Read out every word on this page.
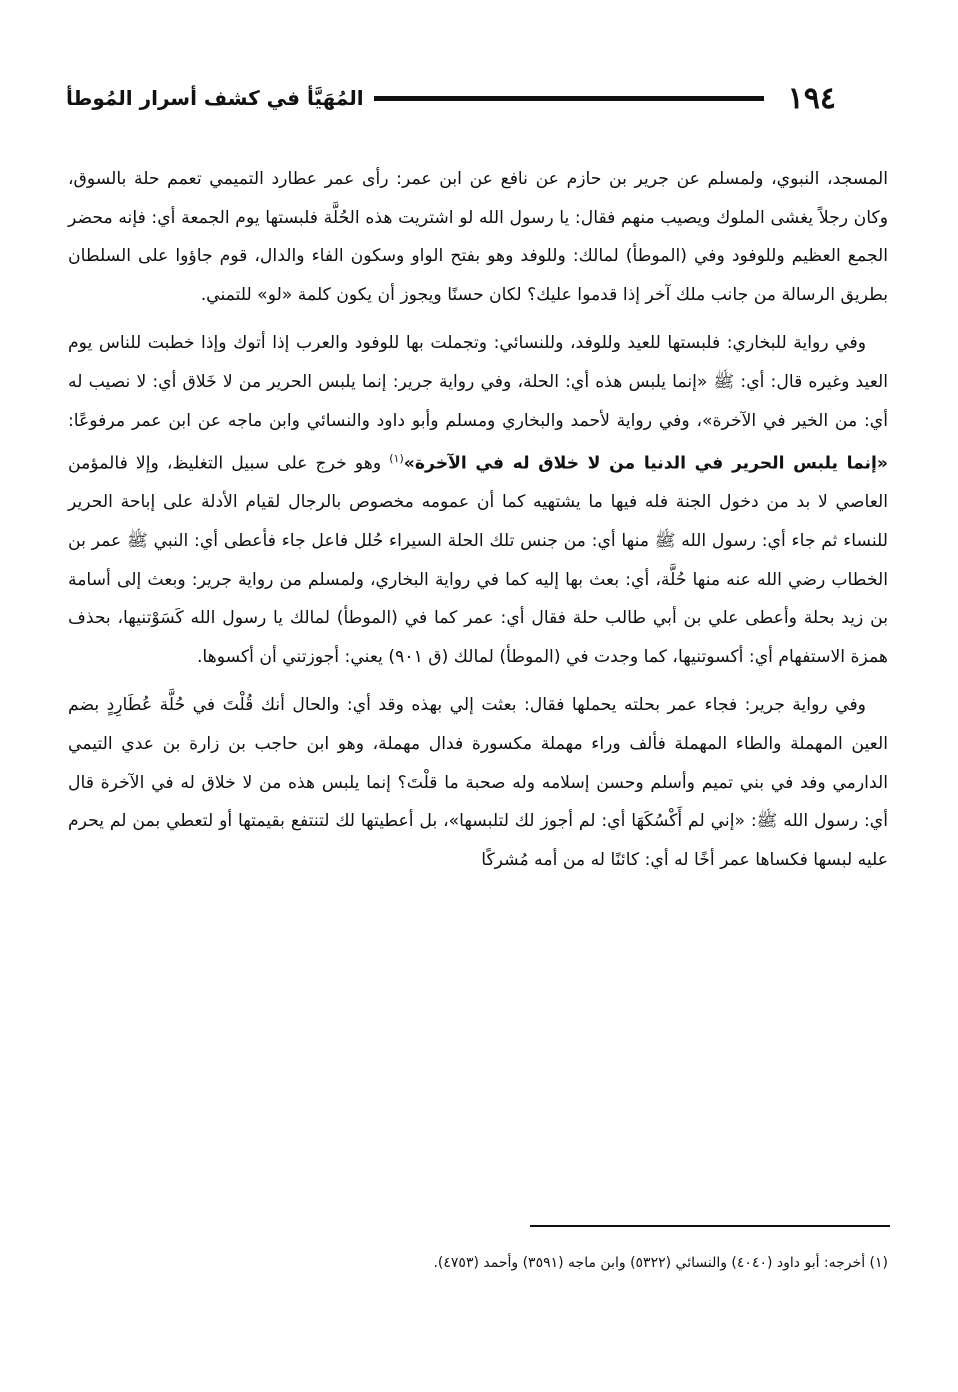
١٩٤
المُهَيَّأ في كشف أسرار المُوطأ

المسجد، النبوي، ولمسلم عن جرير بن حازم عن نافع عن ابن عمر: رأى عمر عطارد التميمي تعمم حلة بالسوق، وكان رجلاً يغشى الملوك ويصيب منهم فقال: يا رسول الله لو اشتريت هذه الحُلَّة فلبستها يوم الجمعة أي: فإنه محضر الجمع العظيم وللوفود وفي (الموطأ) لمالك: وللوفد وهو بفتح الواو وسكون الفاء والدال، قوم جاؤوا على السلطان بطريق الرسالة من جانب ملك آخر إذا قدموا عليك؟ لكان حسنًا ويجوز أن يكون كلمة «لو» للتمني.

وفي رواية للبخاري: فلبستها للعيد وللوفد، وللنسائي: وتجملت بها للوفود والعرب إذا أتوك وإذا خطبت للناس يوم العيد وغيره قال: أي: ﷺ «إنما يلبس هذه أي: الحلة، وفي رواية جرير: إنما يلبس الحرير من لا خَلاق أي: لا نصيب له أي: من الخير في الآخرة»، وفي رواية لأحمد والبخاري ومسلم وأبو داود والنسائي وابن ماجه عن ابن عمر مرفوعًا: «إنما يلبس الحرير في الدنيا من لا خلاق له في الآخرة»$^{(١)}$ وهو خرج على سبيل التغليظ، وإلا فالمؤمن العاصي لا بد من دخول الجنة فله فيها ما يشتهيه كما أن عمومه مخصوص بالرجال لقيام الأدلة على إباحة الحرير للنساء ثم جاء أي: رسول الله ﷺ منها أي: من جنس تلك الحلة السيراء حُلل فاعل جاء فأعطى أي: النبي ﷺ عمر بن الخطاب رضي الله عنه منها حُلَّة، أي: بعث بها إليه كما في رواية البخاري، ولمسلم من رواية جرير: وبعث إلى أسامة بن زيد بحلة وأعطى علي بن أبي طالب حلة فقال أي: عمر كما في (الموطأ) لمالك يا رسول الله كَسَوْتنيها، بحذف همزة الاستفهام أي: أكسوتنيها، كما وجدت في (الموطأ) لمالك (ق ٩٠١) يعني: أجوزتني أن أكسوها.

وفي رواية جرير: فجاء عمر بحلته يحملها فقال: بعثت إلي بهذه وقد أي: والحال أنك قُلْتَ في حُلَّة عُطَارِدٍ بضم العين المهملة والطاء المهملة فألف وراء مهملة مكسورة فدال مهملة، وهو ابن حاجب بن زارة بن عدي التيمي الدارمي وفد في بني تميم وأسلم وحسن إسلامه وله صحبة ما قلْتَ؟ إنما يلبس هذه من لا خلاق له في الآخرة قال أي: رسول الله ﷺ: «إني لم أَكْسُكَهَا أي: لم أجوز لك لتلبسها»، بل أعطيتها لك لتنتفع بقيمتها أو لتعطي بمن لم يحرم عليه لبسها فكساها عمر أخًا له أي: كائنًا له من أمه مُشركًا

(١) أخرجه: أبو داود (٤٠٤٠) والنسائي (٥٣٢٢) وابن ماجه (٣٥٩١) وأحمد (٤٧٥٣).
